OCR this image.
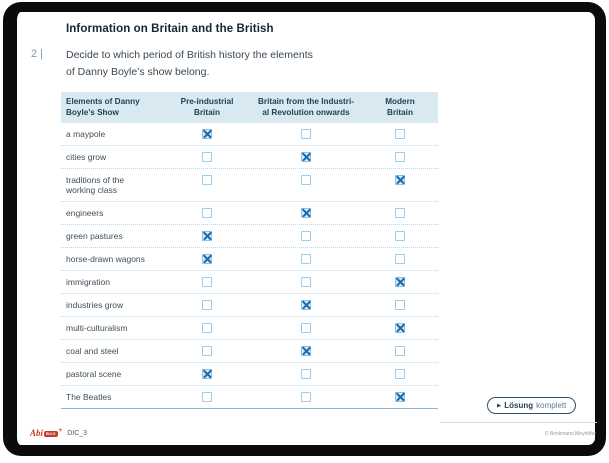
Information on Britain and the British
2 | Decide to which period of British history the elements
of Danny Boyle’s show belong.
Elements of Danny
Boyle’s Show
Pre-industrial
Britain
Britain from the Industri-
al Revolution onwards
Modern
Britain
a maypole
cities grow
traditions of the working class
engineers
green pastures
horse-drawn wagons
immigration
industries grow
multi-culturalism
coal and steel
pastoral scene
The Beatles
▶ Lösung komplett
Abi BOX + DIC_3	© Brinkmann.Meyhöfer
